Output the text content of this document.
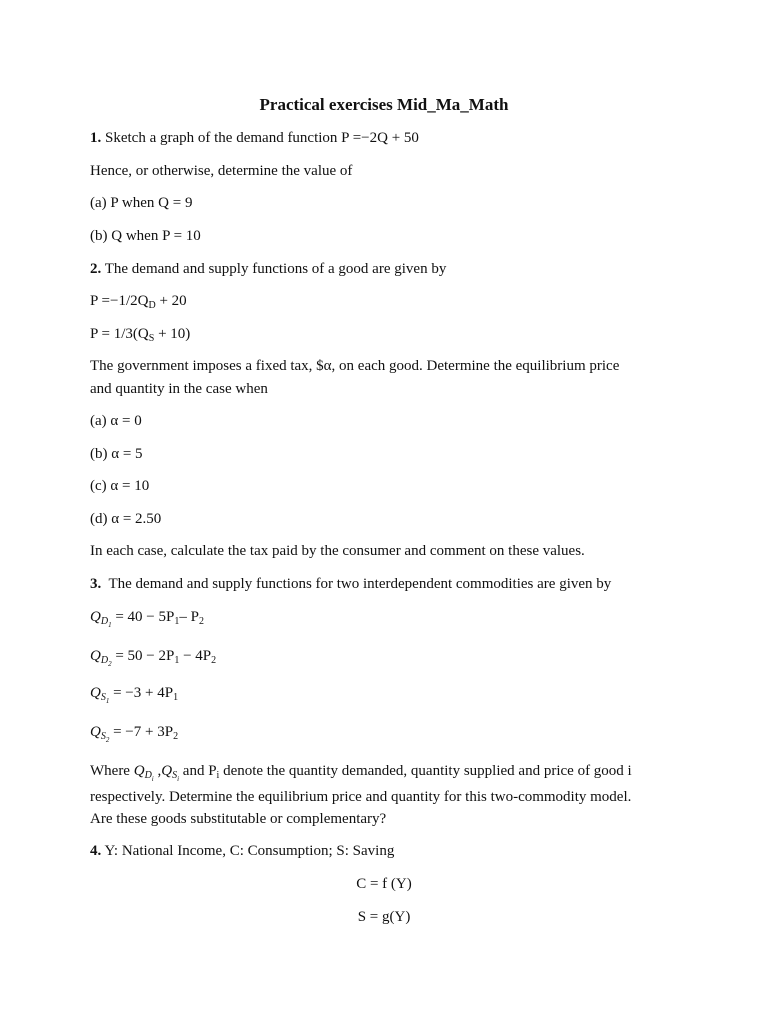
Practical exercises Mid_Ma_Math
1. Sketch a graph of the demand function P =−2Q + 50
Hence, or otherwise, determine the value of
(a) P when Q = 9
(b) Q when P = 10
2. The demand and supply functions of a good are given by
$P =-1/2Q_D + 20$
$P = 1/3(Q_S + 10)$
The government imposes a fixed tax, $α, on each good. Determine the equilibrium price
and quantity in the case when
(a) α = 0
(b) α = 5
(c) α = 10
(d) α = 2.50
In each case, calculate the tax paid by the consumer and comment on these values.
3. The demand and supply functions for two interdependent commodities are given by
$Q_{D_1} = 40 - 5P_1-$ $P_2$
$Q_{D_2} = 50 - 2P_1 - 4P_2$
$Q_{S_1} = -3 + 4P_1$
$Q_{S_2} = -7 + 3P_2$
Where $Q_{D_i}$ $,Q_{S_i}$ and $P_i$ denote the quantity demanded, quantity supplied and price of good i
respectively. Determine the equilibrium price and quantity for this two-commodity model.
Are these goods substitutable or complementary?
4. Y: National Income, C: Consumption; S: Saving
C = f (Y)
S = g(Y)
